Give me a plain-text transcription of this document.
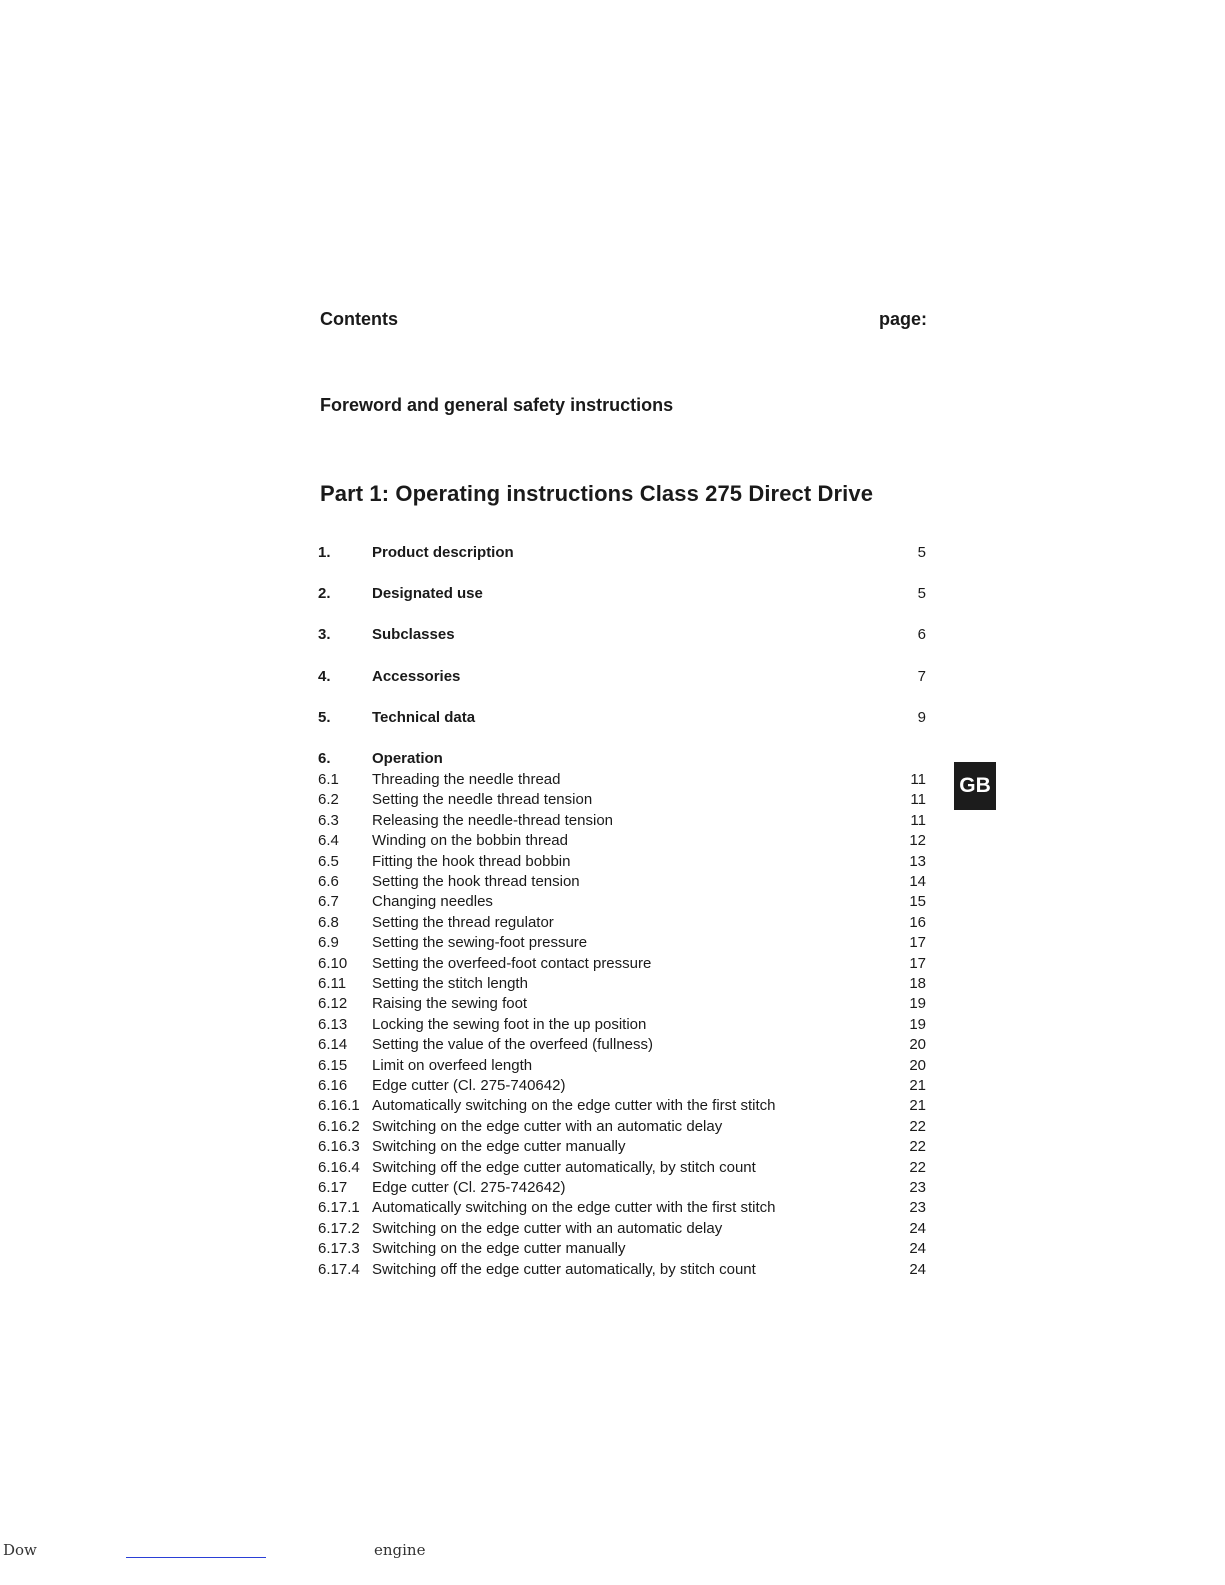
Contents	page:
Foreword and general safety instructions
Part 1: Operating instructions Class 275 Direct Drive
1.	Product description	5
2.	Designated use	5
3.	Subclasses	6
4.	Accessories	7
5.	Technical data	9
6.	Operation
6.1	Threading the needle thread	11
6.2	Setting the needle thread tension	11
6.3	Releasing the needle-thread tension	11
6.4	Winding on the bobbin thread	12
6.5	Fitting the hook thread bobbin	13
6.6	Setting the hook thread tension	14
6.7	Changing needles	15
6.8	Setting the thread regulator	16
6.9	Setting the sewing-foot pressure	17
6.10	Setting the overfeed-foot contact pressure	17
6.11	Setting the stitch length	18
6.12	Raising the sewing foot	19
6.13	Locking the sewing foot in the up position	19
6.14	Setting the value of the overfeed (fullness)	20
6.15	Limit on overfeed length	20
6.16	Edge cutter (Cl. 275-740642)	21
6.16.1 Automatically switching on the edge cutter with the first stitch	21
6.16.2 Switching on the edge cutter with an automatic delay	22
6.16.3 Switching on the edge cutter manually	22
6.16.4 Switching off the edge cutter automatically, by stitch count	22
6.17	Edge cutter (Cl. 275-742642)	23
6.17.1 Automatically switching on the edge cutter with the first stitch	23
6.17.2 Switching on the edge cutter with an automatic delay	24
6.17.3 Switching on the edge cutter manually	24
6.17.4 Switching off the edge cutter automatically, by stitch count	24
GB
Dow	engine
